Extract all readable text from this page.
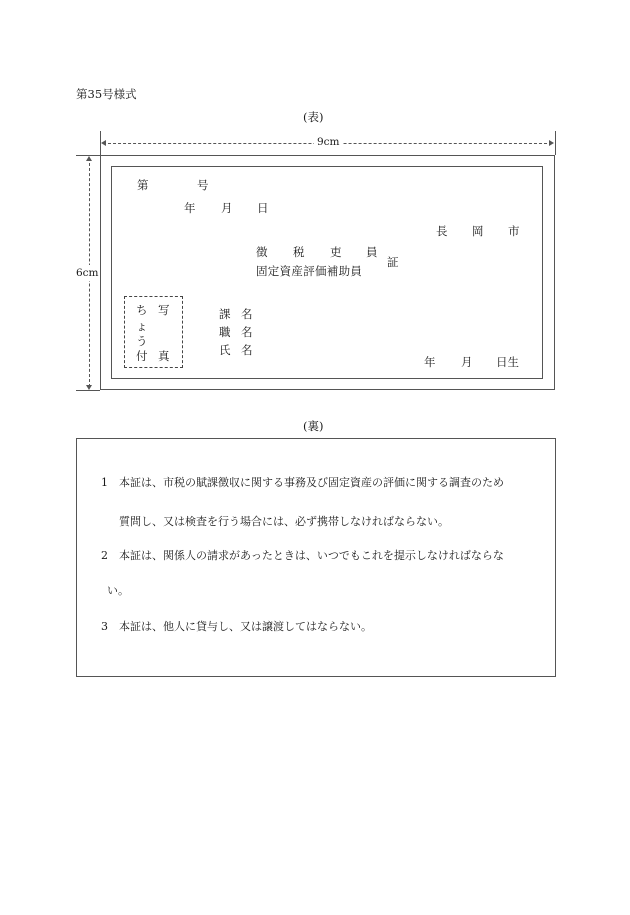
第35号様式
(表)
9cm
6cm
第	号
年 月 日
長 岡 市
徴 税 吏 員
固定資産評価補助員
証
ち
ょ
う
付
写
真
課 名
職 名
氏 名
年 月 日生
(裏)
1　本証は、市税の賦課徴収に関する事務及び固定資産の評価に関する調査のため
質問し、又は検査を行う場合には、必ず携帯しなければならない。
2　本証は、関係人の請求があったときは、いつでもこれを提示しなければならな
い。
3　本証は、他人に貸与し、又は譲渡してはならない。
